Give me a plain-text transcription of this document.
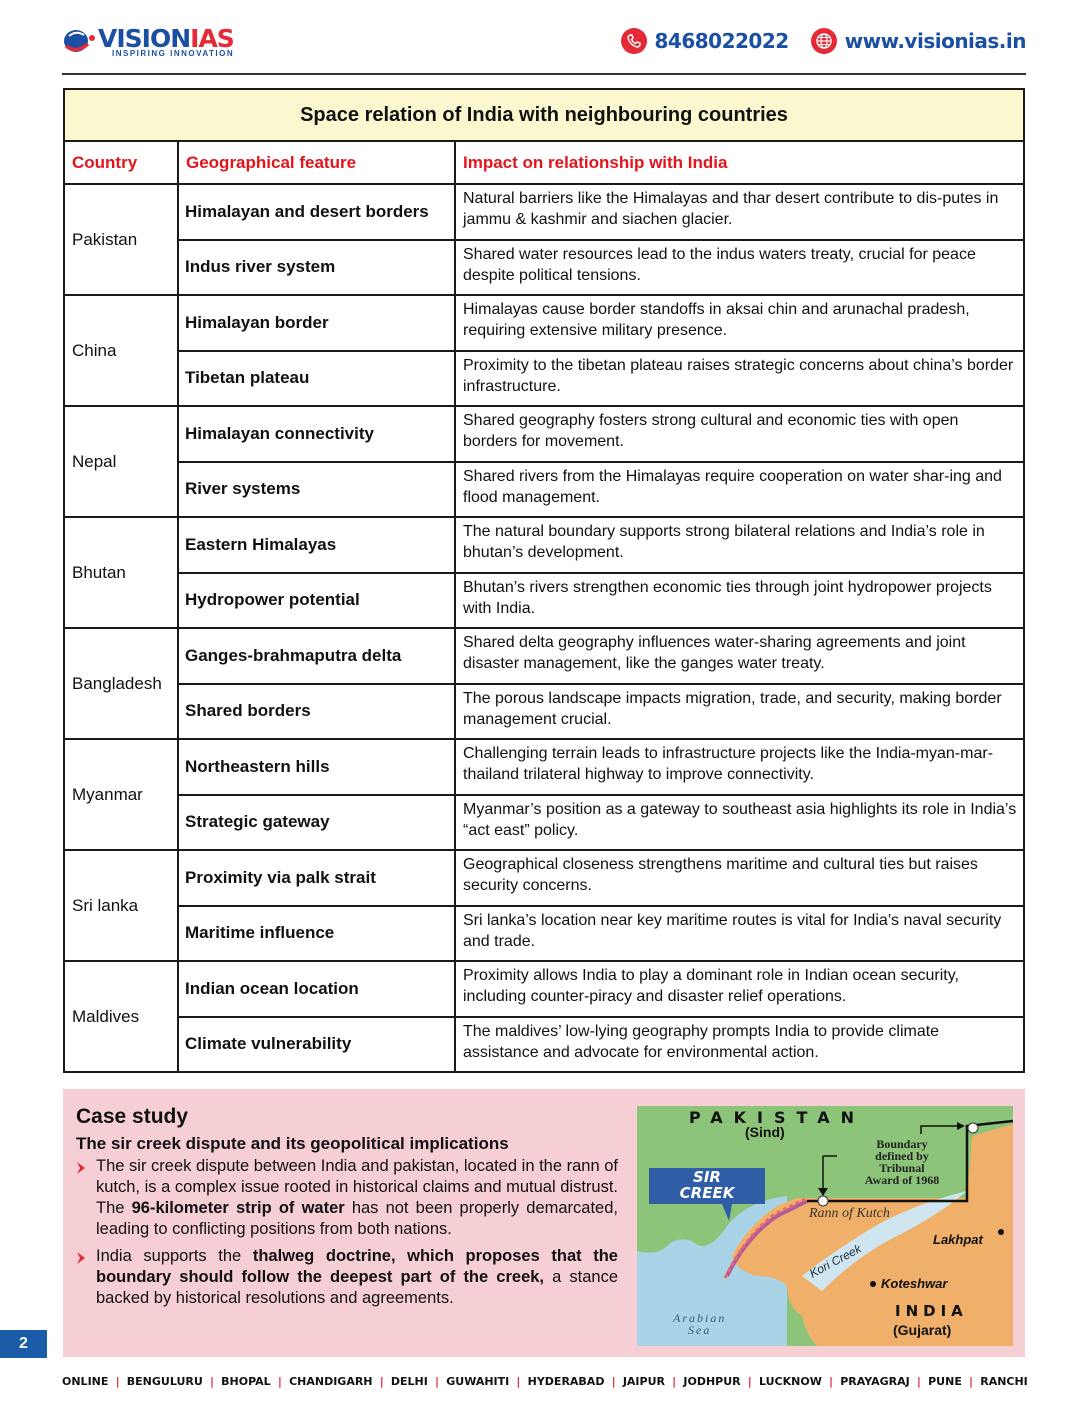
VISIONIAS
INSPIRING INNOVATION
8468022022	www.visionias.in
Space relation of India with neighbouring countries		
Country	Geographical feature	Impact on relationship with India
Pakistan	Himalayan and desert borders	Natural barriers like the Himalayas and thar desert contribute to dis-putes in jammu & kashmir and siachen glacier.
	Indus river system	Shared water resources lead to the indus waters treaty, crucial for peace despite political tensions.
China	Himalayan border	Himalayas cause border standoffs in aksai chin and arunachal pradesh, requiring extensive military presence.
	Tibetan plateau	Proximity to the tibetan plateau raises strategic concerns about china’s border infrastructure.
Nepal	Himalayan connectivity	Shared geography fosters strong cultural and economic ties with open borders for movement.
	River systems	Shared rivers from the Himalayas require cooperation on water shar-ing and flood management.
Bhutan	Eastern Himalayas	The natural boundary supports strong bilateral relations and India’s role in bhutan’s development.
	Hydropower potential	Bhutan’s rivers strengthen economic ties through joint hydropower projects with India.
Bangladesh	Ganges-brahmaputra delta	Shared delta geography influences water-sharing agreements and joint disaster management, like the ganges water treaty.
	Shared borders	The porous landscape impacts migration, trade, and security, making border management crucial.
Myanmar	Northeastern hills	Challenging terrain leads to infrastructure projects like the India-myan-mar-thailand trilateral highway to improve connectivity.
	Strategic gateway	Myanmar’s position as a gateway to southeast asia highlights its role in India’s “act east” policy.
Sri lanka	Proximity via palk strait	Geographical closeness strengthens maritime and cultural ties but raises security concerns.
	Maritime influence	Sri lanka’s location near key maritime routes is vital for India’s naval security and trade.
Maldives	Indian ocean location	Proximity allows India to play a dominant role in Indian ocean security, including counter-piracy and disaster relief operations.
	Climate vulnerability	The maldives’ low-lying geography prompts India to provide climate assistance and advocate for environmental action.
Case study
The sir creek dispute and its geopolitical implications
The sir creek dispute between India and pakistan, located in the rann of kutch, is a complex issue rooted in historical claims and mutual distrust. The 96-kilometer strip of water has not been properly demarcated, leading to conflicting positions from both nations.
India supports the thalweg doctrine, which proposes that the boundary should follow the deepest part of the creek, a stance backed by historical resolutions and agreements.
PAKISTAN
(Sind)
Boundary
defined by
Tribunal
Award of 1968
SIR
CREEK
Rann of Kutch
Lakhpat
Kori Creek
Koteshwar
INDIA
(Gujarat)
Arabian
Sea
2
ONLINE | BENGULURU | BHOPAL | CHANDIGARH | DELHI | GUWAHITI | HYDERABAD | JAIPUR | JODHPUR | LUCKNOW | PRAYAGRAJ | PUNE | RANCHI
